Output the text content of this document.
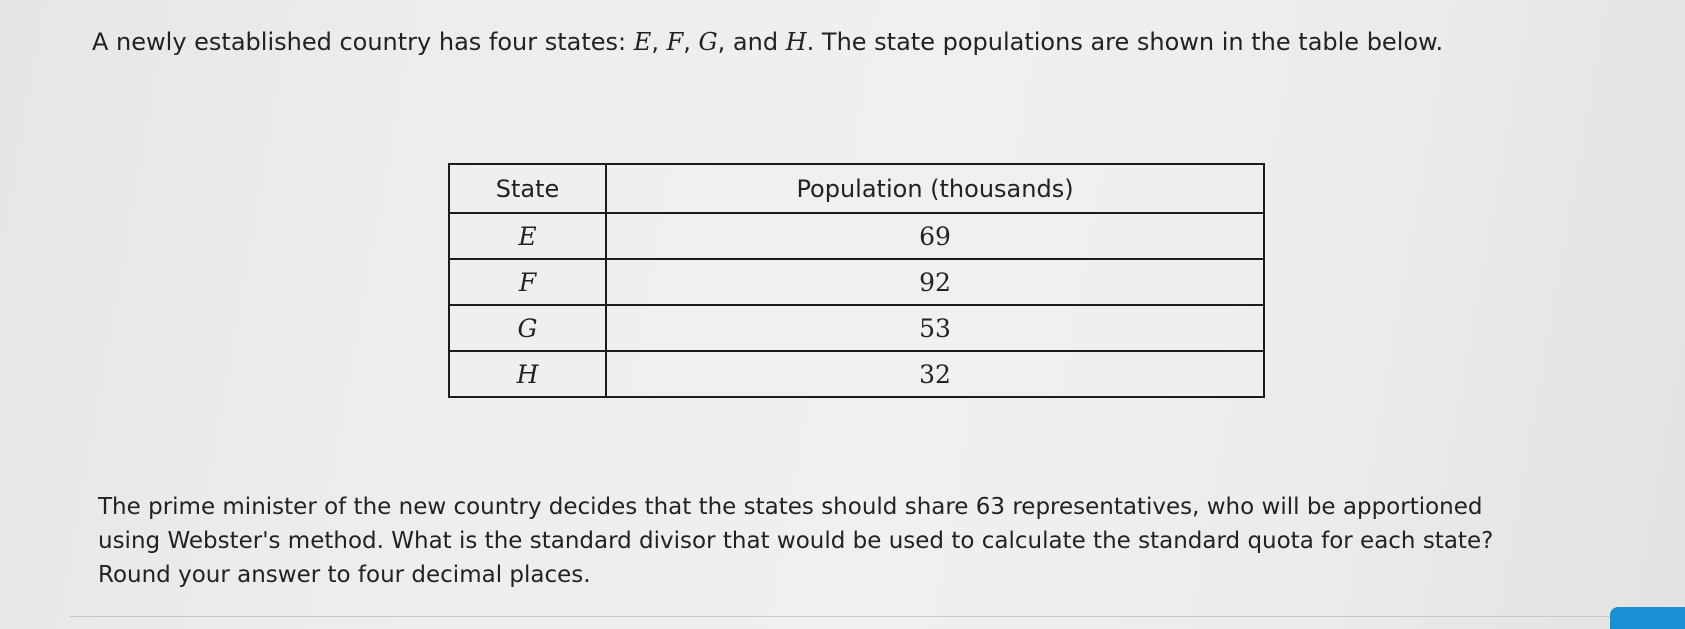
A newly established country has four states: E, F, G, and H. The state populations are shown in the table below.
State	Population (thousands)
E	69
F	92
G	53
H	32

The prime minister of the new country decides that the states should share 63 representatives, who will be apportioned

using Webster's method. What is the standard divisor that would be used to calculate the standard quota for each state?

Round your answer to four decimal places.
